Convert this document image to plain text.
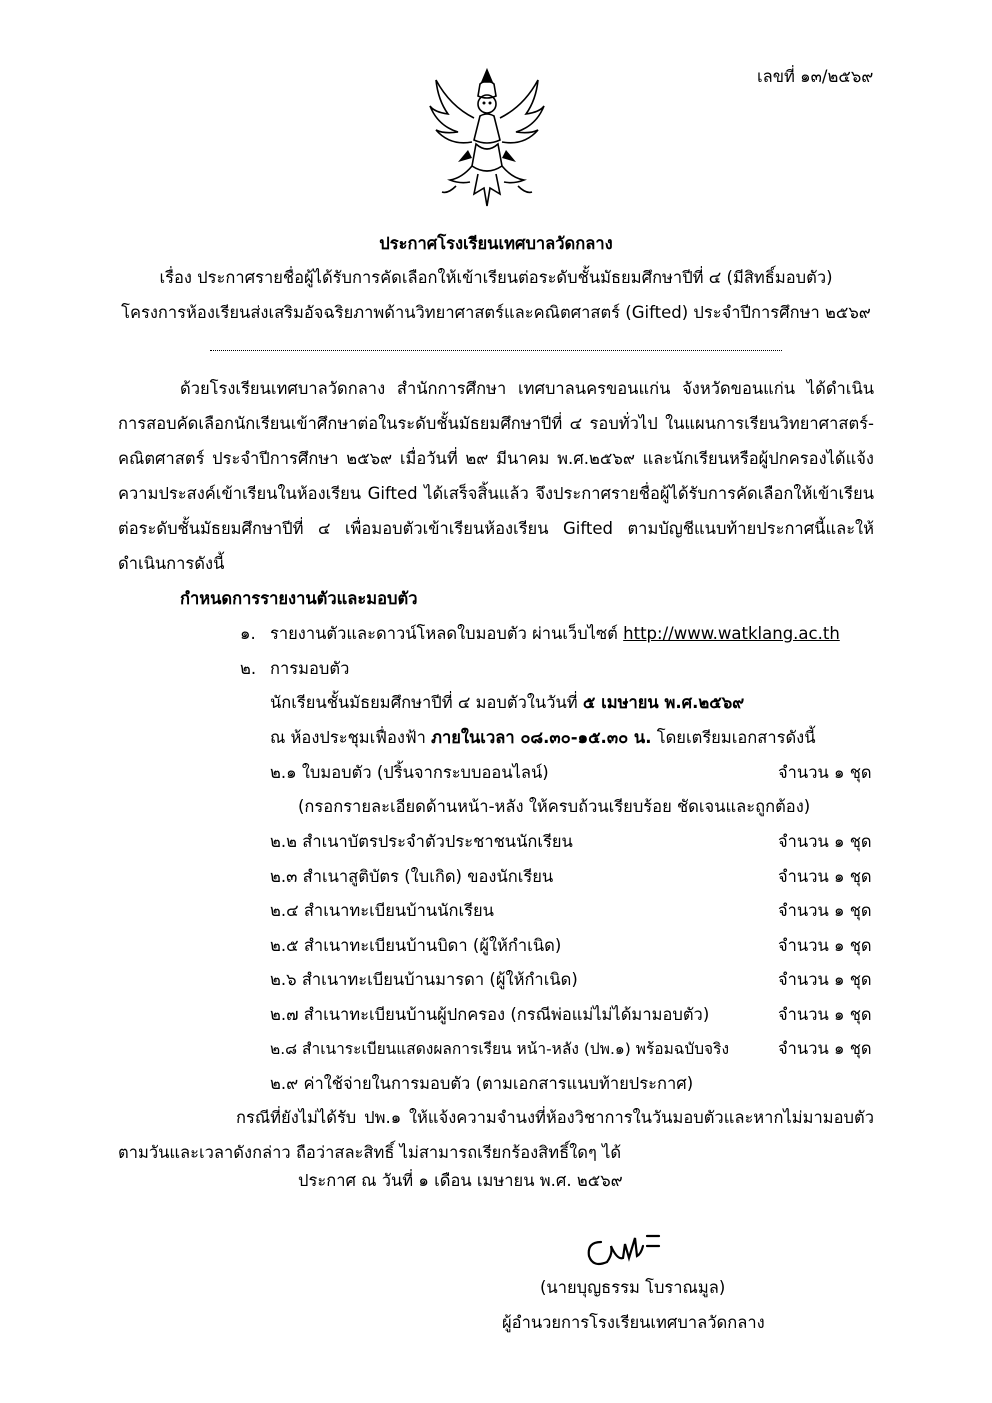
เลขที่ ๑๓/๒๕๖๙
ประกาศโรงเรียนเทศบาลวัดกลาง
เรื่อง ประกาศรายชื่อผู้ได้รับการคัดเลือกให้เข้าเรียนต่อระดับชั้นมัธยมศึกษาปีที่ ๔ (มีสิทธิ์มอบตัว)
โครงการห้องเรียนส่งเสริมอัจฉริยภาพด้านวิทยาศาสตร์และคณิตศาสตร์ (Gifted) ประจำปีการศึกษา ๒๕๖๙
ด้วยโรงเรียนเทศบาลวัดกลาง สำนักการศึกษา เทศบาลนครขอนแก่น จังหวัดขอนแก่น ได้ดำเนินการสอบคัดเลือกนักเรียนเข้าศึกษาต่อในระดับชั้นมัธยมศึกษาปีที่ ๔ รอบทั่วไป ในแผนการเรียนวิทยาศาสตร์-คณิตศาสตร์ ประจำปีการศึกษา ๒๕๖๙ เมื่อวันที่ ๒๙ มีนาคม พ.ศ.๒๕๖๙ และนักเรียนหรือผู้ปกครองได้แจ้งความประสงค์เข้าเรียนในห้องเรียน Gifted ได้เสร็จสิ้นแล้ว จึงประกาศรายชื่อผู้ได้รับการคัดเลือกให้เข้าเรียนต่อระดับชั้นมัธยมศึกษาปีที่ ๔ เพื่อมอบตัวเข้าเรียนห้องเรียน Gifted ตามบัญชีแนบท้ายประกาศนี้และให้ดำเนินการดังนี้
กำหนดการรายงานตัวและมอบตัว
๑. รายงานตัวและดาวน์โหลดใบมอบตัว ผ่านเว็บไซต์ http://www.watklang.ac.th
๒. การมอบตัว
นักเรียนชั้นมัธยมศึกษาปีที่ ๔ มอบตัวในวันที่ ๕ เมษายน พ.ศ.๒๕๖๙
ณ ห้องประชุมเฟื่องฟ้า ภายในเวลา ๐๘.๓๐-๑๕.๓๐ น. โดยเตรียมเอกสารดังนี้
๒.๑ ใบมอบตัว (ปริ้นจากระบบออนไลน์)	จำนวน ๑ ชุด
(กรอกรายละเอียดด้านหน้า-หลัง ให้ครบถ้วนเรียบร้อย ชัดเจนและถูกต้อง)
๒.๒ สำเนาบัตรประจำตัวประชาชนนักเรียน	จำนวน ๑ ชุด
๒.๓ สำเนาสูติบัตร (ใบเกิด) ของนักเรียน	จำนวน ๑ ชุด
๒.๔ สำเนาทะเบียนบ้านนักเรียน	จำนวน ๑ ชุด
๒.๕ สำเนาทะเบียนบ้านบิดา (ผู้ให้กำเนิด)	จำนวน ๑ ชุด
๒.๖ สำเนาทะเบียนบ้านมารดา (ผู้ให้กำเนิด)	จำนวน ๑ ชุด
๒.๗ สำเนาทะเบียนบ้านผู้ปกครอง (กรณีพ่อแม่ไม่ได้มามอบตัว)	จำนวน ๑ ชุด
๒.๘ สำเนาระเบียนแสดงผลการเรียน หน้า-หลัง (ปพ.๑) พร้อมฉบับจริง	จำนวน ๑ ชุด
๒.๙ ค่าใช้จ่ายในการมอบตัว (ตามเอกสารแนบท้ายประกาศ)
กรณีที่ยังไม่ได้รับ ปพ.๑ ให้แจ้งความจำนงที่ห้องวิชาการในวันมอบตัวและหากไม่มามอบตัวตามวันและเวลาดังกล่าว ถือว่าสละสิทธิ์ ไม่สามารถเรียกร้องสิทธิ์ใดๆ ได้
ประกาศ ณ วันที่ ๑ เดือน เมษายน พ.ศ. ๒๕๖๙
(นายบุญธรรม โบราณมูล)
ผู้อำนวยการโรงเรียนเทศบาลวัดกลาง
